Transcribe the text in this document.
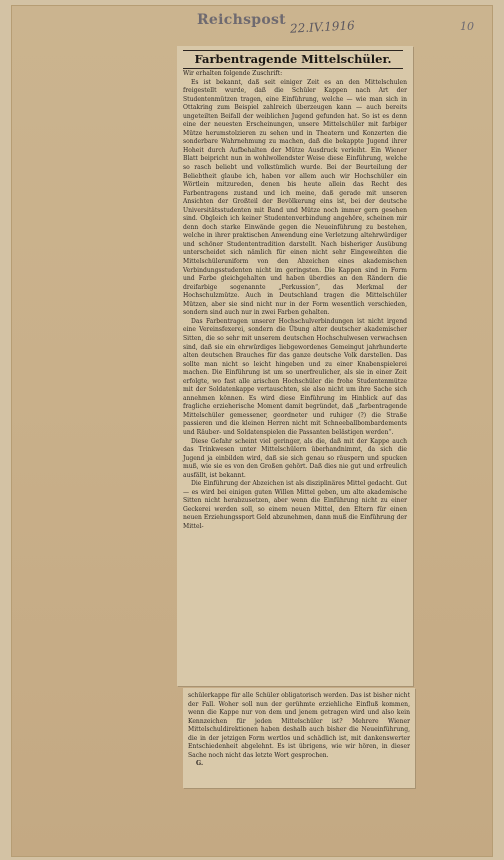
Reichspost 22.IV.1916	10
Farbentragende Mittelschüler.

Wir erhalten folgende Zuschrift:

Es ist bekannt, daß seit einiger Zeit es an den Mittelschulen freigestellt wurde, daß die Schüler Kappen nach Art der Studentenmützen tragen, eine Einführung, welche — wie man sich in Ottakring zum Beispiel zahlreich überzeugen kann — auch bereits ungeteilten Beifall der weiblichen Jugend gefunden hat. So ist es denn eine der neuesten Erscheinungen, unsere Mittelschüler mit farbiger Mütze herumstolzieren zu sehen und in Theatern und Konzerten die sonderbare Wahrnehmung zu machen, daß die bekappte Jugend ihrer Hoheit durch Aufbehalten der Mütze Ausdruck verleiht. Ein Wiener Blatt beipricht nun in wohlwollendster Weise diese Einführung, welche so rasch beliebt und volkstümlich wurde. Bei der Beurteilung der Beliebtheit glaube ich, haben vor allem auch wir Hochschüler ein Wörtlein mitzureden, denen bis heute allein das Recht des Farbentragens zustand und ich meine, daß gerade mit unseren Ansichten der Großteil der Bevölkerung eins ist, bei der deutsche Universitätsstudenten mit Band und Mütze noch immer gern gesehen sind. Obgleich ich keiner Studentenverbindung angehöre, scheinen mir denn doch starke Einwände gegen die Neueinführung zu bestehen, welche in ihrer praktischen Anwendung eine Verletzung altehrwürdiger und schöner Studententradition darstellt. Nach bisheriger Ausübung unterscheidet sich nämlich für einen nicht sehr Eingeweihten die Mittelschüleruniform von den Abzeichen eines akademischen Verbindungsstudenten nicht im geringsten. Die Kappen sind in Form und Farbe gleichgehalten und haben überdies an den Rändern die dreifarbige sogenannte „Perkussion“, das Merkmal der Hochschulzmütze. Auch in Deutschland tragen die Mittelschüler Mützen, aber sie sind nicht nur in der Form wesentlich verschieden, sondern sind auch nur in zwei Farben gehalten.

Das Farbentragen unserer Hochschulverbindungen ist nicht irgend eine Vereinsfexerei, sondern die Übung alter deutscher akademischer Sitten, die so sehr mit unserem deutschen Hochschulwesen verwachsen sind, daß sie ein ehrwürdiges liebgewordenes Gemeingut jahrhunderte alten deutschen Brauches für das ganze deutsche Volk darstellen. Das sollte man nicht so leicht hingeben und zu einer Knabenspielerei machen. Die Einführung ist um so unerfreulicher, als sie in einer Zeit erfolgte, wo fast alle arischen Hochschüler die frohe Studentenmütze mit der Soldatenkappe vertauschten, sie also nicht um ihre Sache sich annehmen können. Es wird diese Einführung im Hinblick auf das fragliche erzieherische Moment damit begründet, daß „farbentragende Mittelschüler gemessener, geordneter und ruhiger (?) die Straße passieren und die kleinen Herren nicht mit Schneeballbombardements und Räuber- und Soldatenspielen die Passanten belästigen werden“.

Diese Gefahr scheint viel geringer, als die, daß mit der Kappe auch das Trinkwesen unter Mittelschülern überhandnimmt, da sich die Jugend ja einbilden wird, daß sie sich genau so räuspern und spucken muß, wie sie es von den Großen gehört. Daß dies nie gut und erfreulich ausfällt, ist bekannt.

Die Einführung der Abzeichen ist als disziplinäres Mittel gedacht. Gut — es wird bei einigen guten Willen Mittel geben, um alte akademische Sitten nicht herabzusetzen, aber wenn die Einführung nicht zu einer Geckerei werden soll, so einem neuen Mittel, den Eltern für einen neuen Erziehungssport Geld abzunehmen, dann muß die Einführung der Mittel-

schülerkappe für alle Schüler obligatorisch werden. Das ist bisher nicht der Fall. Woher soll nun der gerühmte erziehliche Einfluß kommen, wenn die Kappe nur von dem und jenem getragen wird und also kein Kennzeichen für jeden Mittelschüler ist? Mehrere Wiener Mittelschuldirektionen haben deshalb auch bisher die Neueinführung, die in der jetzigen Form wertlos und schädlich ist, mit dankenswerter Entschiedenheit abgelehnt. Es ist übrigens, wie wir hören, in dieser Sache noch nicht das letzte Wort gesprochen.

G.
